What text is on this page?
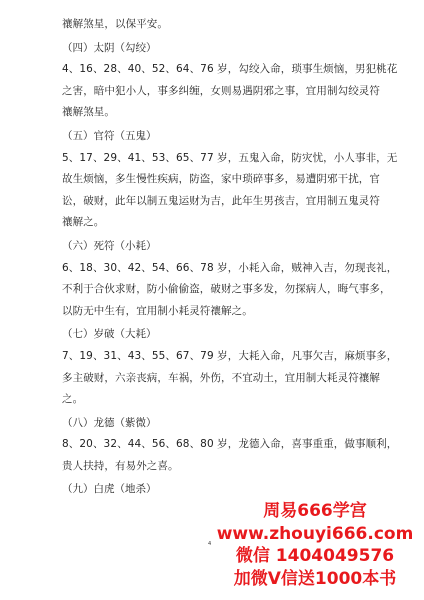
禳解煞星，以保平安。
（四）太阴（勾绞）
4、16、28、40、52、64、76 岁，勾绞入命，琐事生烦恼，男犯桃花
之害，暗中犯小人，事多纠缠，女则易遇阴邪之事，宜用制勾绞灵符
禳解煞星。
（五）官符（五鬼）
5、17、29、41、53、65、77 岁，五鬼入命，防灾忧，小人事非，无
故生烦恼，多生慢性疾病，防盗，家中琐碎事多，易遭阴邪干扰，官
讼，破财，此年以制五鬼运财为吉，此年生男孩吉，宜用制五鬼灵符
禳解之。
（六）死符（小耗）
6、18、30、42、54、66、78 岁，小耗入命，贼神入吉，勿现丧礼，
不利于合伙求财，防小偷偷盗，破财之事多发，勿探病人，晦气事多，
以防无中生有，宜用制小耗灵符禳解之。
（七）岁破（大耗）
7、19、31、43、55、67、79 岁，大耗入命，凡事欠吉，麻烦事多，
多主破财，六亲丧病，车祸，外伤，不宜动土，宜用制大耗灵符禳解
之。
（八）龙德（紫微）
8、20、32、44、56、68、80 岁，龙德入命，喜事重重，做事顺利，
贵人扶持，有易外之喜。
（九）白虎（地杀）
4
周易666学宫
www.zhouyi666.com
微信 1404049576
加微V信送1000本书
